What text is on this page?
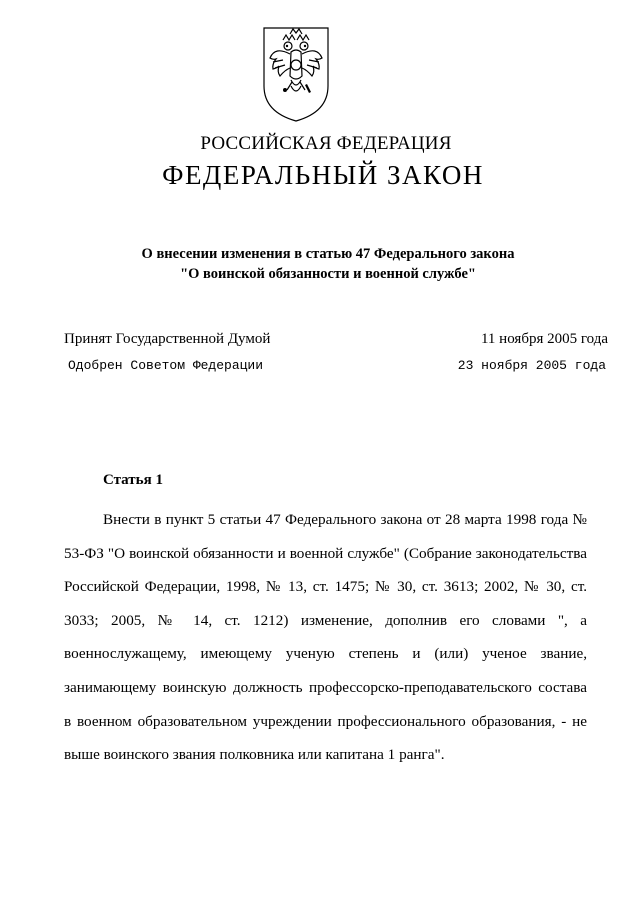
РОССИЙСКАЯ ФЕДЕРАЦИЯ
ФЕДЕРАЛЬНЫЙ ЗАКОН
О внесении изменения в статью 47 Федерального закона
"О воинской обязанности и военной службе"
Принят Государственной Думой	11 ноября 2005 года
Одобрен Советом Федерации	23 ноября 2005 года
Статья 1

Внести в пункт 5 статьи 47 Федерального закона от 28 марта 1998 года № 53-ФЗ "О воинской обязанности и военной службе" (Собрание законодательства Российской Федерации, 1998, № 13, ст. 1475; № 30, ст. 3613; 2002, № 30, ст. 3033; 2005, № 14, ст. 1212) изменение, дополнив его словами ", а военнослужащему, имеющему ученую степень и (или) ученое звание, занимающему воинскую должность профессорско-преподавательского состава в военном образовательном учреждении профессионального образования, - не выше воинского звания полковника или капитана 1 ранга".
